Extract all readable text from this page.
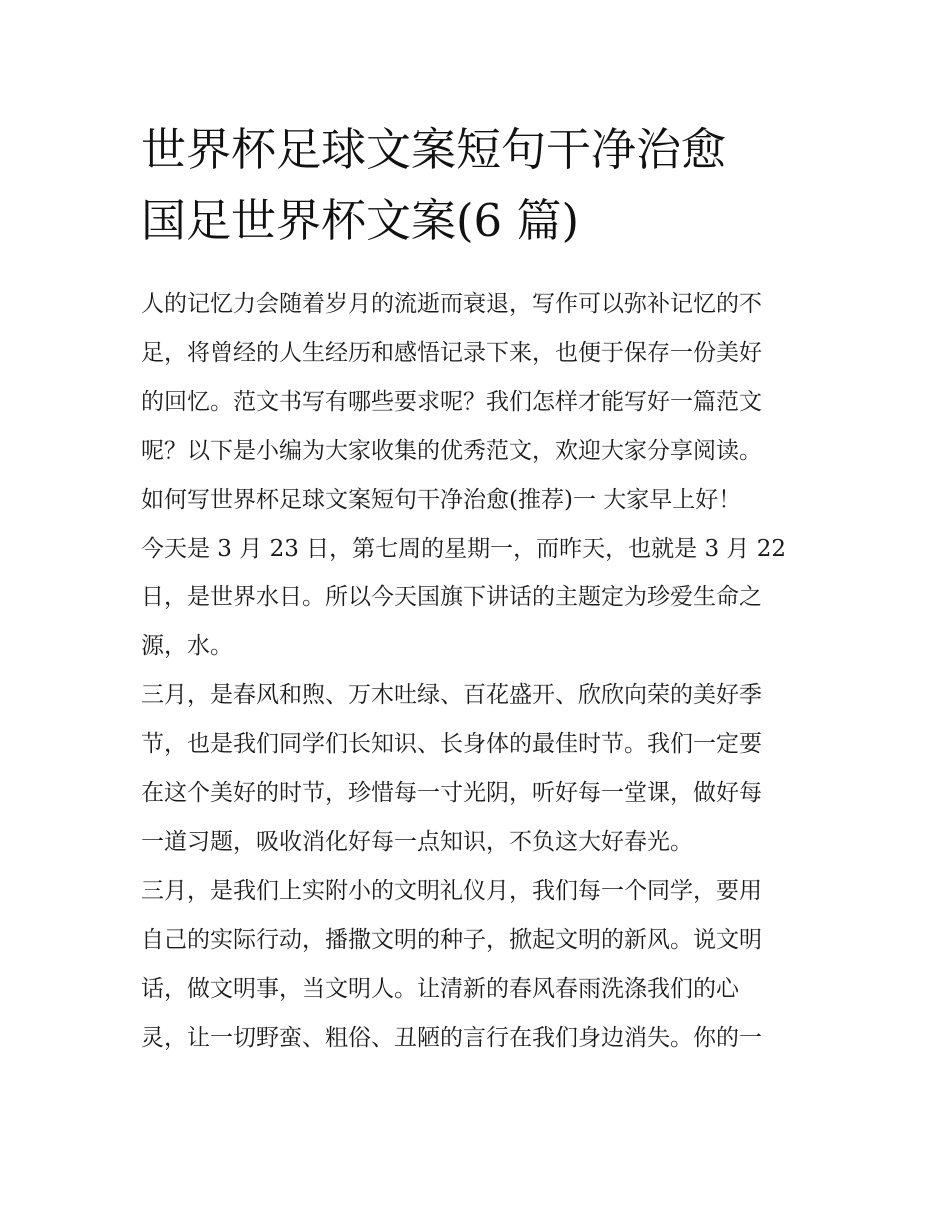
世界杯足球文案短句干净治愈
国足世界杯文案(6 篇)
人的记忆力会随着岁月的流逝而衰退，写作可以弥补记忆的不
足，将曾经的人生经历和感悟记录下来，也便于保存一份美好
的回忆。范文书写有哪些要求呢？我们怎样才能写好一篇范文
呢？以下是小编为大家收集的优秀范文，欢迎大家分享阅读。
如何写世界杯足球文案短句干净治愈(推荐)一 大家早上好！
今天是 3 月 23 日，第七周的星期一，而昨天，也就是 3 月 22
日，是世界水日。所以今天国旗下讲话的主题定为珍爱生命之
源，水。
三月，是春风和煦、万木吐绿、百花盛开、欣欣向荣的美好季
节，也是我们同学们长知识、长身体的最佳时节。我们一定要
在这个美好的时节，珍惜每一寸光阴，听好每一堂课，做好每
一道习题，吸收消化好每一点知识，不负这大好春光。
三月，是我们上实附小的文明礼仪月，我们每一个同学，要用
自己的实际行动，播撒文明的种子，掀起文明的新风。说文明
话，做文明事，当文明人。让清新的春风春雨洗涤我们的心
灵，让一切野蛮、粗俗、丑陋的言行在我们身边消失。你的一
